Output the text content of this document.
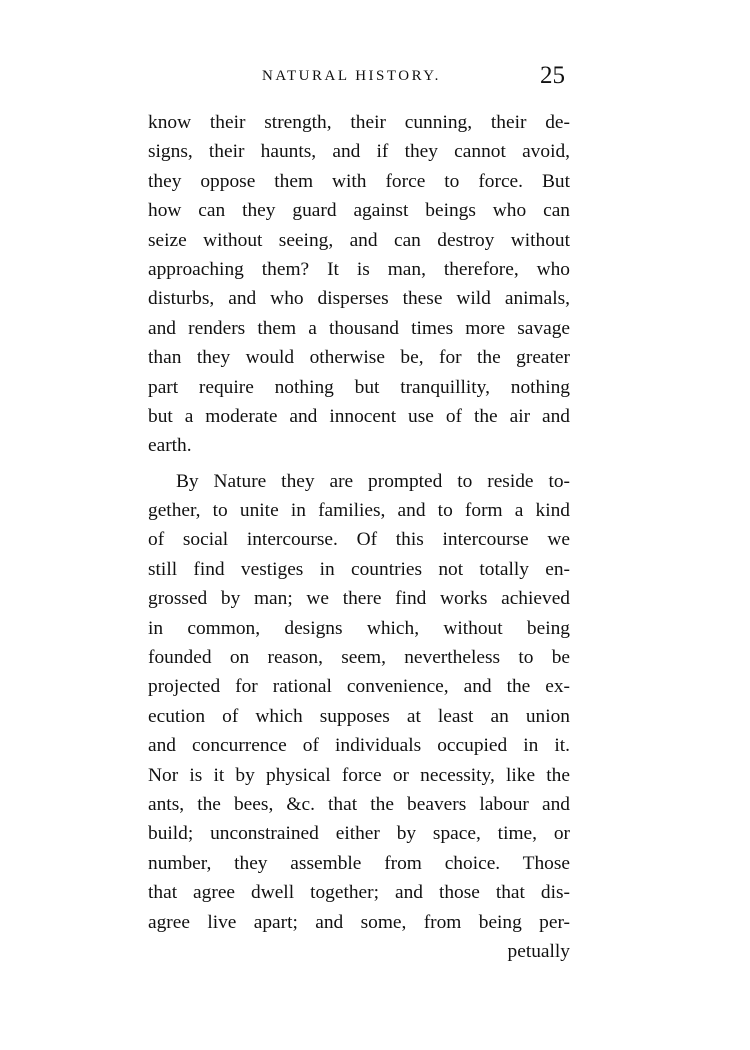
NATURAL HISTORY.	25
know their strength, their cunning, their de-
signs, their haunts, and if they cannot avoid,
they oppose them with force to force. But
how can they guard against beings who can
seize without seeing, and can destroy without
approaching them? It is man, therefore, who
disturbs, and who disperses these wild animals,
and renders them a thousand times more savage
than they would otherwise be, for the greater
part require nothing but tranquillity, nothing
but a moderate and innocent use of the air and
earth.
By Nature they are prompted to reside to-
gether, to unite in families, and to form a kind
of social intercourse. Of this intercourse we
still find vestiges in countries not totally en-
grossed by man; we there find works achieved
in common, designs which, without being
founded on reason, seem, nevertheless to be
projected for rational convenience, and the ex-
ecution of which supposes at least an union
and concurrence of individuals occupied in it.
Nor is it by physical force or necessity, like the
ants, the bees, &c. that the beavers labour and
build; unconstrained either by space, time, or
number, they assemble from choice. Those
that agree dwell together; and those that dis-
agree live apart; and some, from being per-
petually
